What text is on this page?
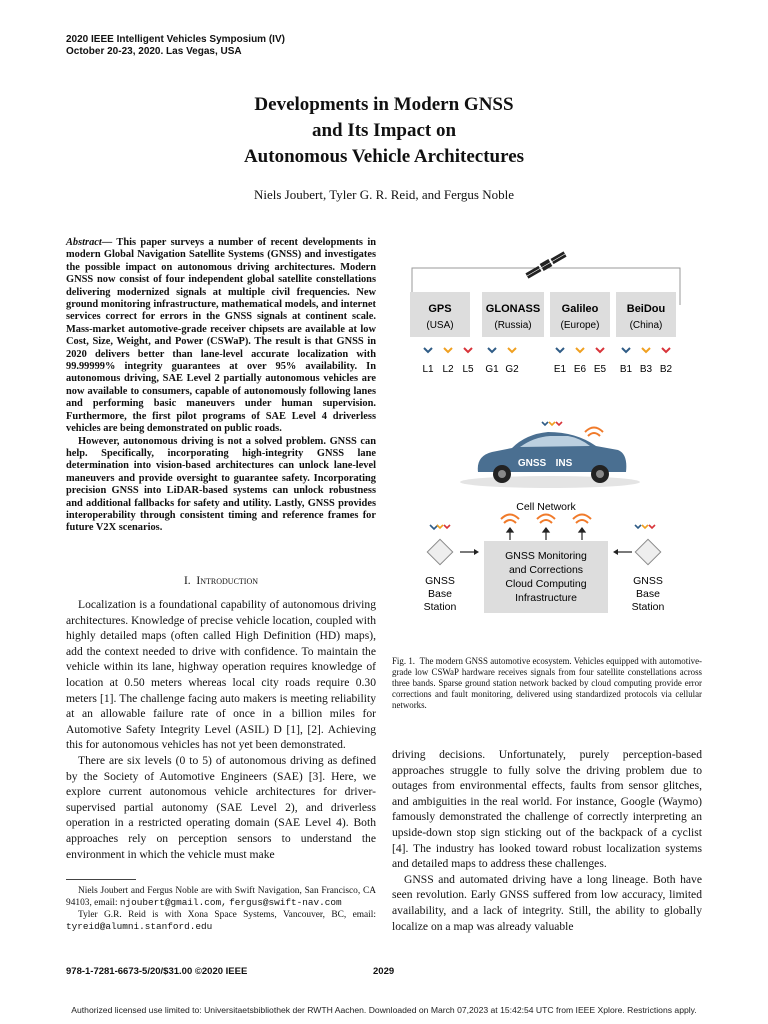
2020 IEEE Intelligent Vehicles Symposium (IV)
October 20-23, 2020. Las Vegas, USA
Developments in Modern GNSS
and Its Impact on
Autonomous Vehicle Architectures
Niels Joubert, Tyler G. R. Reid, and Fergus Noble

Abstract— This paper surveys a number of recent developments in modern Global Navigation Satellite Systems (GNSS) and investigates the possible impact on autonomous driving architectures. Modern GNSS now consist of four independent global satellite constellations delivering modernized signals at multiple civil frequencies. New ground monitoring infrastructure, mathematical models, and internet services correct for errors in the GNSS signals at continent scale. Mass-market automotive-grade receiver chipsets are available at low Cost, Size, Weight, and Power (CSWaP). The result is that GNSS in 2020 delivers better than lane-level accurate localization with 99.99999% integrity guarantees at over 95% availability. In autonomous driving, SAE Level 2 partially autonomous vehicles are now available to consumers, capable of autonomously following lanes and performing basic maneuvers under human supervision. Furthermore, the first pilot programs of SAE Level 4 driverless vehicles are being demonstrated on public roads.

However, autonomous driving is not a solved problem. GNSS can help. Specifically, incorporating high-integrity GNSS lane determination into vision-based architectures can unlock lane-level maneuvers and provide oversight to guarantee safety. Incorporating precision GNSS into LiDAR-based systems can unlock robustness and additional fallbacks for safety and utility. Lastly, GNSS provides interoperability through consistent timing and reference frames for future V2X scenarios.

I. Introduction

Localization is a foundational capability of autonomous driving architectures. Knowledge of precise vehicle location, coupled with highly detailed maps (often called High Definition (HD) maps), add the context needed to drive with confidence. To maintain the vehicle within its lane, highway operation requires knowledge of location at 0.50 meters whereas local city roads require 0.30 meters [1]. The challenge facing auto makers is meeting reliability at an allowable failure rate of once in a billion miles for Automotive Safety Integrity Level (ASIL) D [1], [2]. Achieving this for autonomous vehicles has not yet been demonstrated.

There are six levels (0 to 5) of autonomous driving as defined by the Society of Automotive Engineers (SAE) [3]. Here, we explore current autonomous vehicle architectures for driver-supervised partial autonomy (SAE Level 2), and driverless operation in a restricted operating domain (SAE Level 4). Both approaches rely on perception sensors to understand the environment in which the vehicle must make

Niels Joubert and Fergus Noble are with Swift Navigation, San Francisco, CA 94103, email: njoubert@gmail.com, fergus@swift-nav.com

Tyler G.R. Reid is with Xona Space Systems, Vancouver, BC, email: tyreid@alumni.stanford.edu

GPS
(USA)
GLONASS
(Russia)
Galileo
(Europe)
BeiDou
(China)
L1 L2 L5 G1 G2	E1 E6 E5 B1 B3 B2
GNSS INS
Cell Network
GNSS Monitoring
and Corrections
Cloud Computing
Infrastructure
GNSS
Base
Station
GNSS
Base
Station
Fig. 1. The modern GNSS automotive ecosystem. Vehicles equipped with automotive-grade low CSWaP hardware receives signals from four satellite constellations across three bands. Sparse ground station network backed by cloud computing provide error corrections and fault monitoring, delivered using standardized protocols via cellular networks.

driving decisions. Unfortunately, purely perception-based approaches struggle to fully solve the driving problem due to outages from environmental effects, faults from sensor glitches, and ambiguities in the real world. For instance, Google (Waymo) famously demonstrated the challenge of correctly interpreting an upside-down stop sign sticking out of the backpack of a cyclist [4]. The industry has looked toward robust localization systems and detailed maps to address these challenges.

GNSS and automated driving have a long lineage. Both have seen revolution. Early GNSS suffered from low accuracy, limited availability, and a lack of integrity. Still, the ability to globally localize on a map was already valuable

978-1-7281-6673-5/20/$31.00 ©2020 IEEE	2029
Authorized licensed use limited to: Universitaetsbibliothek der RWTH Aachen. Downloaded on March 07,2023 at 15:42:54 UTC from IEEE Xplore. Restrictions apply.
